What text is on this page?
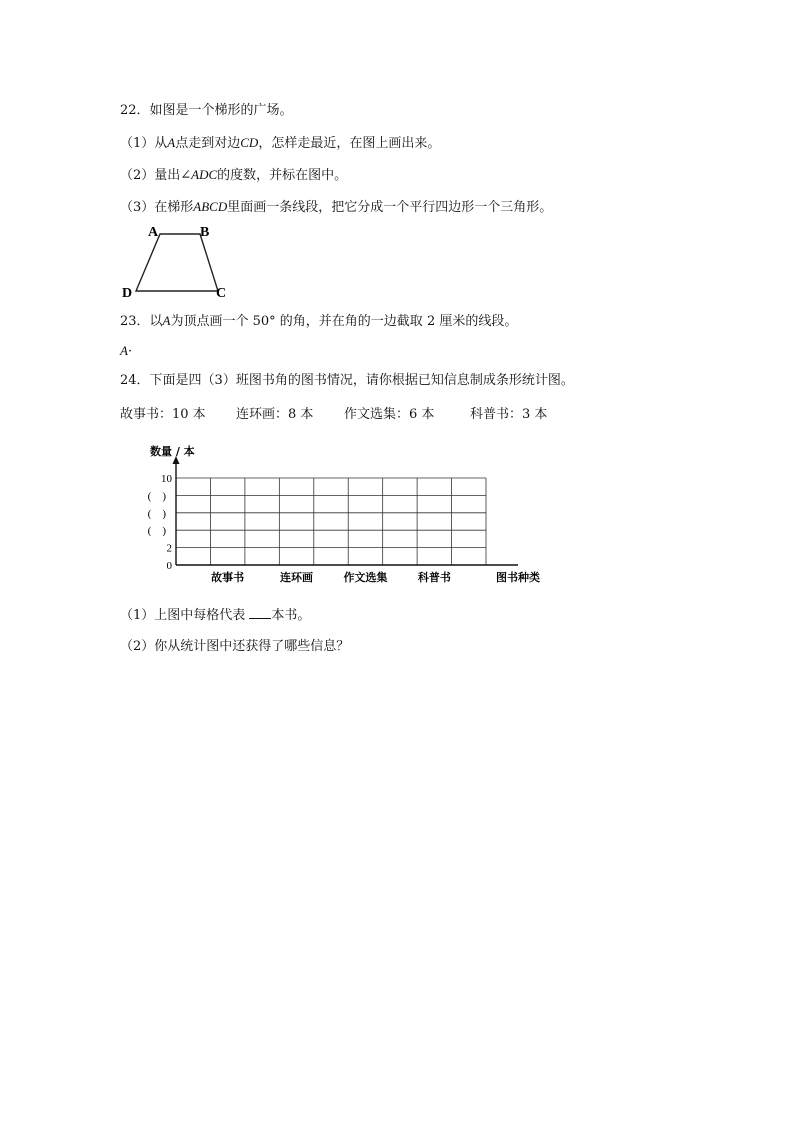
22．如图是一个梯形的广场。
（1）从A点走到对边CD，怎样走最近，在图上画出来。
（2）量出∠ADC的度数，并标在图中。
（3）在梯形ABCD里面画一条线段，把它分成一个平行四边形一个三角形。
A	B
D	C
23．以A为顶点画一个 50° 的角，并在角的一边截取 2 厘米的线段。
A·
24．下面是四（3）班图书角的图书情况，请你根据已知信息制成条形统计图。
故事书：10 本 连环画：8 本 作文选集：6 本	科普书：3 本
0
2
(　)
(　)
(　)
10
故事书	连环画	作文选集	科普书
数量 / 本
图书种类
（1）上图中每格代表 本书。
（2）你从统计图中还获得了哪些信息？
